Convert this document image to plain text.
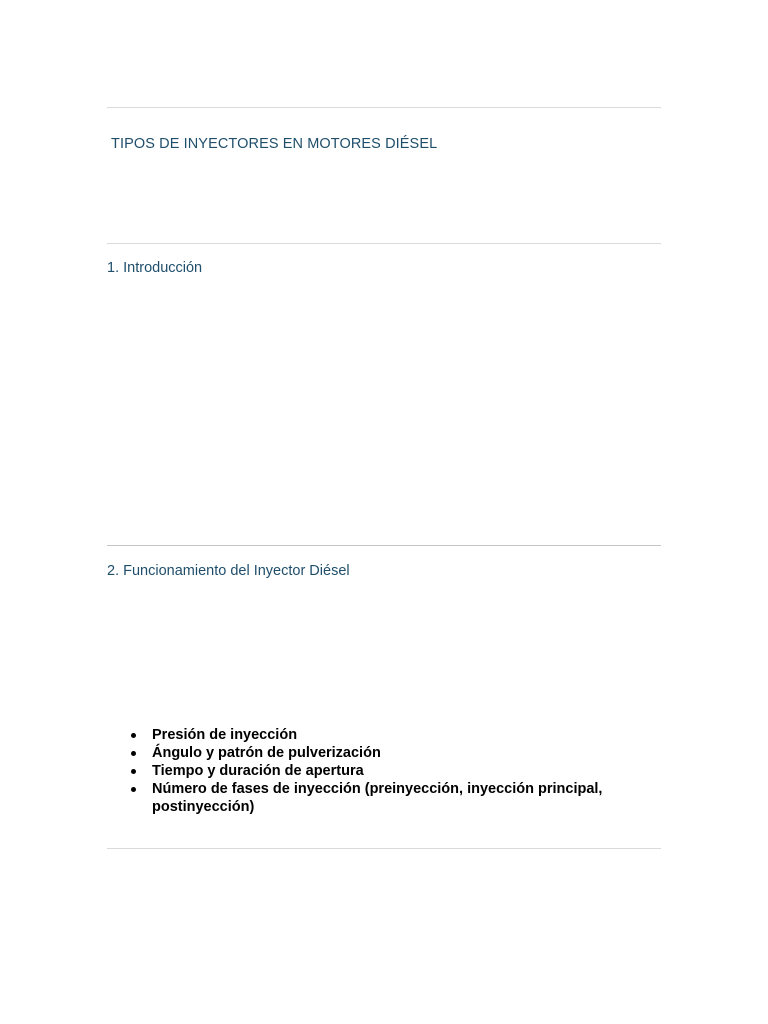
TIPOS DE INYECTORES EN MOTORES DIÉSEL
1. Introducción
2. Funcionamiento del Inyector Diésel
Presión de inyección
Ángulo y patrón de pulverización
Tiempo y duración de apertura
Número de fases de inyección (preinyección, inyección principal, postinyección)
